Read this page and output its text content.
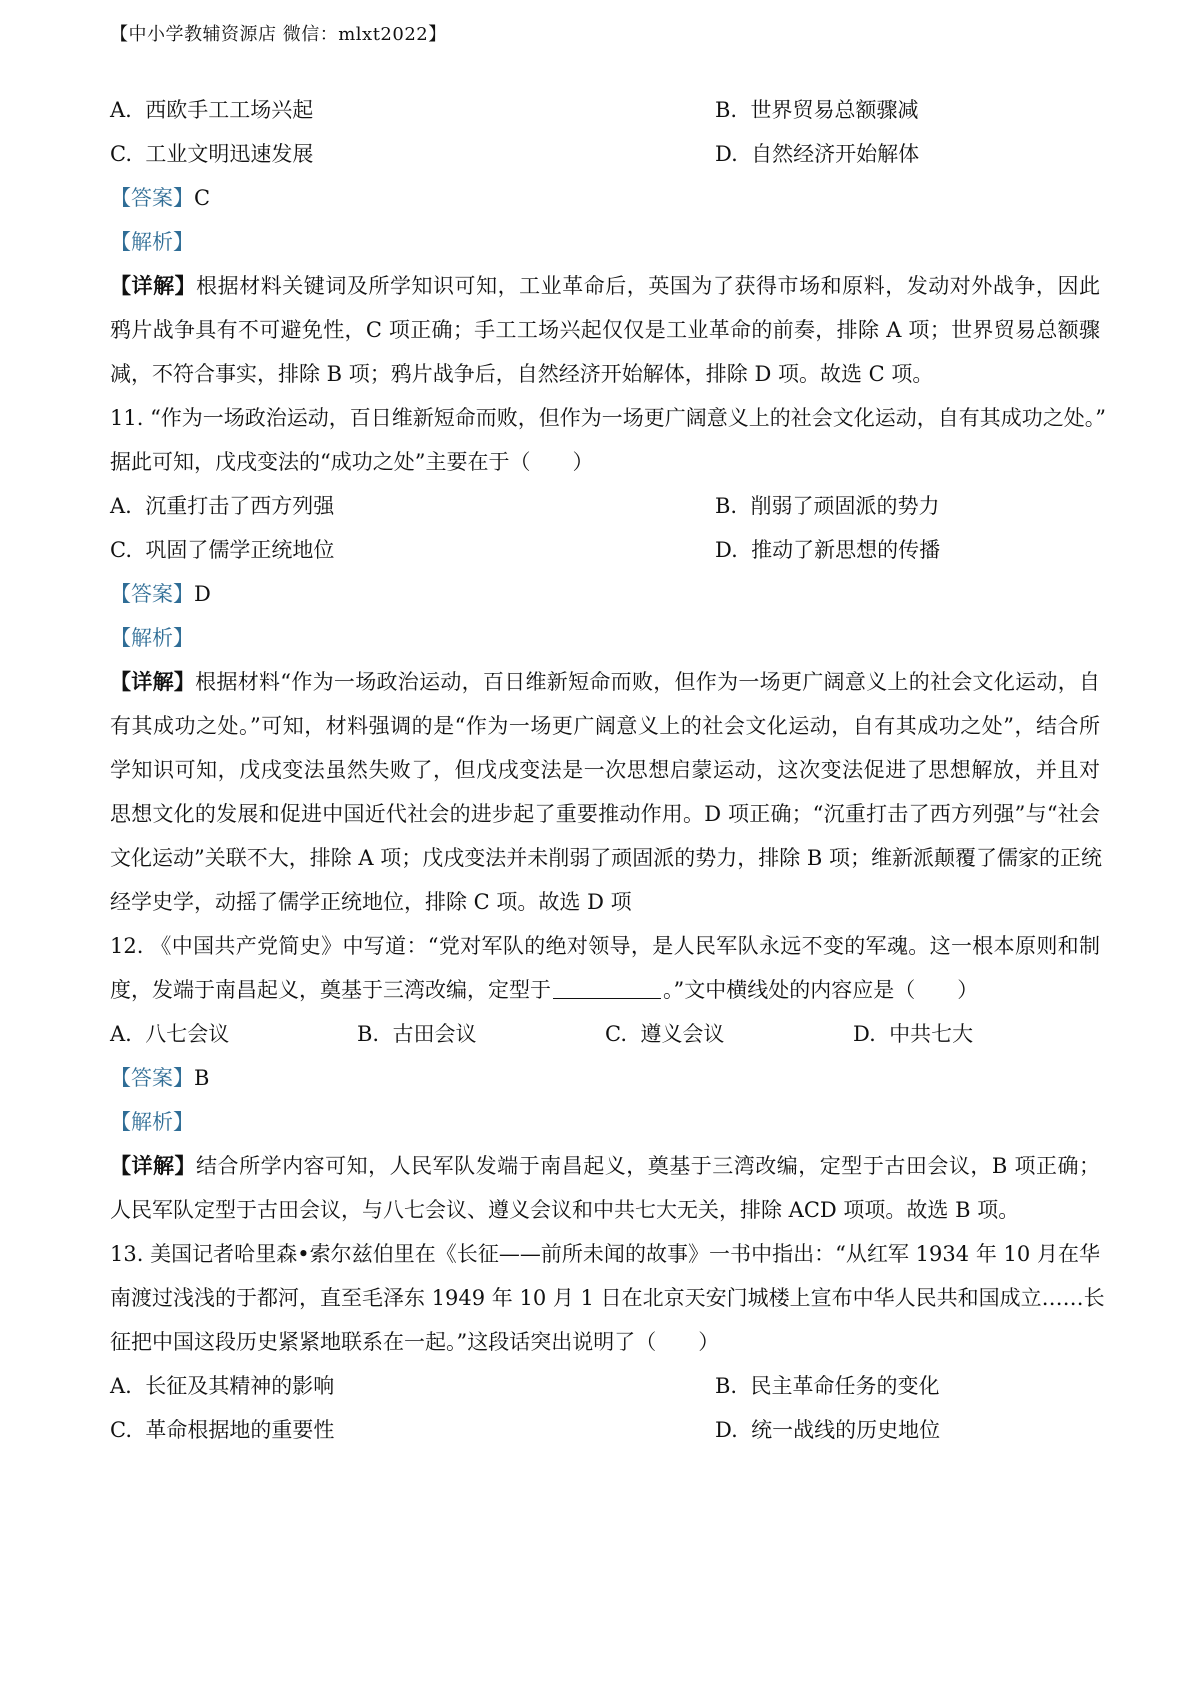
【中小学教辅资源店 微信：mlxt2022】
A. 西欧手工工场兴起	B. 世界贸易总额骤减
C. 工业文明迅速发展	D. 自然经济开始解体
【答案】C
【解析】
【详解】根据材料关键词及所学知识可知，工业革命后，英国为了获得市场和原料，发动对外战争，因此
鸦片战争具有不可避免性，C 项正确；手工工场兴起仅仅是工业革命的前奏，排除 A 项；世界贸易总额骤
减，不符合事实，排除 B 项；鸦片战争后，自然经济开始解体，排除 D 项。故选 C 项。
11. “作为一场政治运动，百日维新短命而败，但作为一场更广阔意义上的社会文化运动，自有其成功之处。”
据此可知，戊戌变法的“成功之处”主要在于（　　）
A. 沉重打击了西方列强	B. 削弱了顽固派的势力
C. 巩固了儒学正统地位	D. 推动了新思想的传播
【答案】D
【解析】
【详解】根据材料“作为一场政治运动，百日维新短命而败，但作为一场更广阔意义上的社会文化运动，自
有其成功之处。”可知，材料强调的是“作为一场更广阔意义上的社会文化运动，自有其成功之处”，结合所
学知识可知，戊戌变法虽然失败了，但戊戌变法是一次思想启蒙运动，这次变法促进了思想解放，并且对
思想文化的发展和促进中国近代社会的进步起了重要推动作用。D 项正确；“沉重打击了西方列强”与“社会
文化运动”关联不大，排除 A 项；戊戌变法并未削弱了顽固派的势力，排除 B 项；维新派颠覆了儒家的正统
经学史学，动摇了儒学正统地位，排除 C 项。故选 D 项
12. 《中国共产党简史》中写道：“党对军队的绝对领导，是人民军队永远不变的军魂。这一根本原则和制
度，发端于南昌起义，奠基于三湾改编，定型于	。”文中横线处的内容应是（　　）
A. 八七会议	B. 古田会议	C. 遵义会议	D. 中共七大
【答案】B
【解析】
【详解】结合所学内容可知，人民军队发端于南昌起义，奠基于三湾改编，定型于古田会议，B 项正确；
人民军队定型于古田会议，与八七会议、遵义会议和中共七大无关，排除 ACD 项项。故选 B 项。
13. 美国记者哈里森•索尔兹伯里在《长征——前所未闻的故事》一书中指出：“从红军 1934 年 10 月在华
南渡过浅浅的于都河，直至毛泽东 1949 年 10 月 1 日在北京天安门城楼上宣布中华人民共和国成立……长
征把中国这段历史紧紧地联系在一起。”这段话突出说明了（　　）
A. 长征及其精神的影响	B. 民主革命任务的变化
C. 革命根据地的重要性	D. 统一战线的历史地位
